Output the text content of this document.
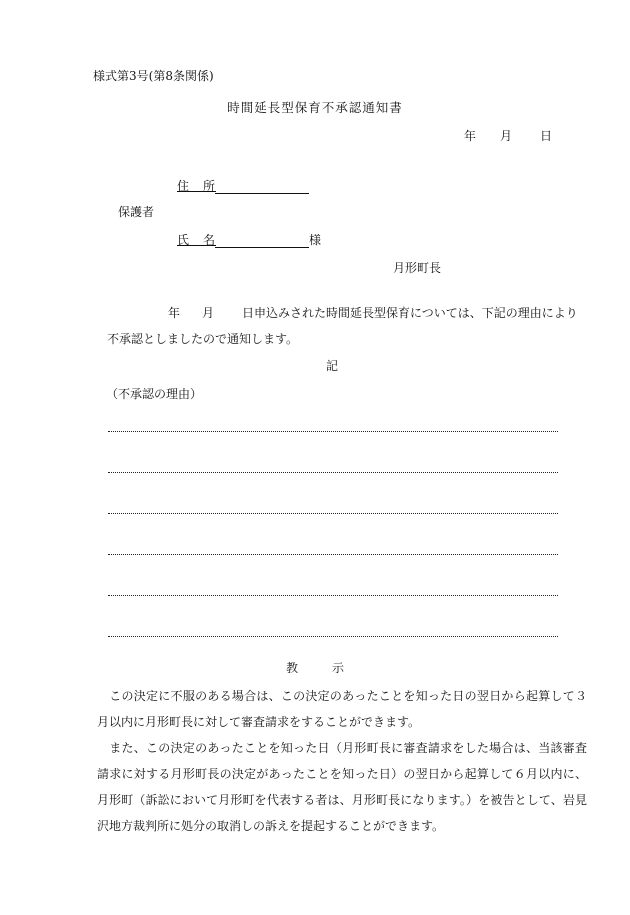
様式第3号(第8条関係)
時間延長型保育不承認通知書
年 月 日
住　所
保護者
氏　名	様
月形町長
年 月 日申込みされた時間延長型保育については、下記の理由により
不承認としましたので通知します。
記
（不承認の理由）
教示
この決定に不服のある場合は、この決定のあったことを知った日の翌日から起算して３月以内に月形町長に対して審査請求をすることができます。
また、この決定のあったことを知った日（月形町長に審査請求をした場合は、当該審査請求に対する月形町長の決定があったことを知った日）の翌日から起算して６月以内に、月形町（訴訟において月形町を代表する者は、月形町長になります。）を被告として、岩見沢地方裁判所に処分の取消しの訴えを提起することができます。
